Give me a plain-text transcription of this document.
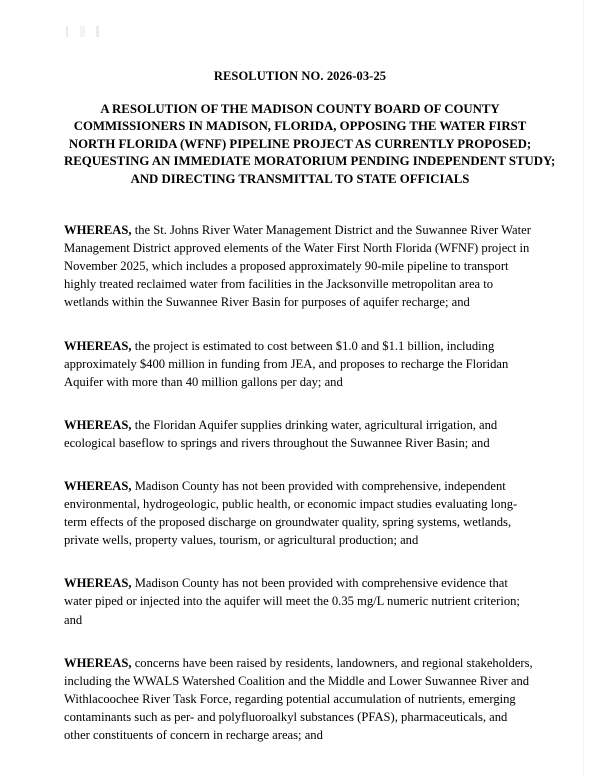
RESOLUTION NO. 2026-03-25
A RESOLUTION OF THE MADISON COUNTY BOARD OF COUNTY
COMMISSIONERS IN MADISON, FLORIDA, OPPOSING THE WATER FIRST
NORTH FLORIDA (WFNF) PIPELINE PROJECT AS CURRENTLY PROPOSED;
REQUESTING AN IMMEDIATE MORATORIUM PENDING INDEPENDENT STUDY;
AND DIRECTING TRANSMITTAL TO STATE OFFICIALS

WHEREAS, the St. Johns River Water Management District and the Suwannee River Water Management District approved elements of the Water First North Florida (WFNF) project in November 2025, which includes a proposed approximately 90-mile pipeline to transport highly treated reclaimed water from facilities in the Jacksonville metropolitan area to wetlands within the Suwannee River Basin for purposes of aquifer recharge; and

WHEREAS, the project is estimated to cost between $1.0 and $1.1 billion, including approximately $400 million in funding from JEA, and proposes to recharge the Floridan Aquifer with more than 40 million gallons per day; and

WHEREAS, the Floridan Aquifer supplies drinking water, agricultural irrigation, and ecological baseflow to springs and rivers throughout the Suwannee River Basin; and

WHEREAS, Madison County has not been provided with comprehensive, independent environmental, hydrogeologic, public health, or economic impact studies evaluating long-term effects of the proposed discharge on groundwater quality, spring systems, wetlands, private wells, property values, tourism, or agricultural production; and

WHEREAS, Madison County has not been provided with comprehensive evidence that water piped or injected into the aquifer will meet the 0.35 mg/L numeric nutrient criterion; and

WHEREAS, concerns have been raised by residents, landowners, and regional stakeholders, including the WWALS Watershed Coalition and the Middle and Lower Suwannee River and Withlacoochee River Task Force, regarding potential accumulation of nutrients, emerging contaminants such as per- and polyfluoroalkyl substances (PFAS), pharmaceuticals, and other constituents of concern in recharge areas; and
